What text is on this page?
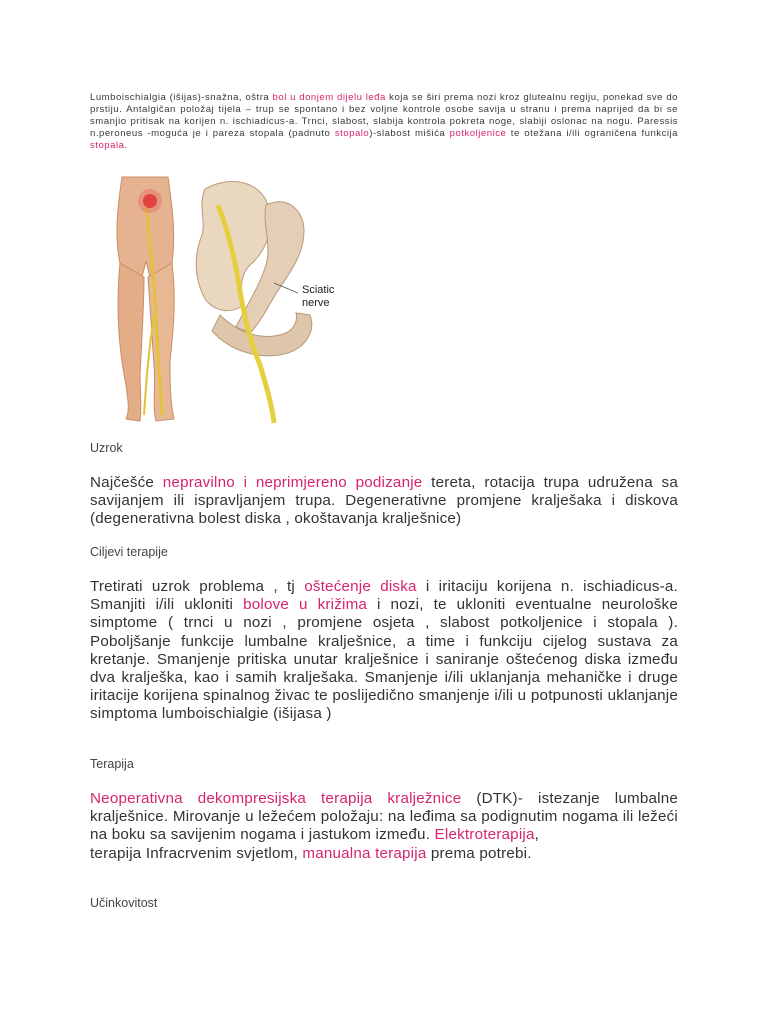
Lumboischialgia (išijas)-snažna, oštra bol u donjem dijelu leđa koja se širi prema nozi kroz glutealnu regiju, ponekad sve do prstiju. Antalgičan položaj tijela – trup se spontano i bez voljne kontrole osobe savija u stranu i prema naprijed da bi se smanjio pritisak na korijen n. ischiadicus-a. Trnci, slabost, slabija kontrola pokreta noge, slabiji oslonac na nogu. Paressis n.peroneus -moguća je i pareza stopala (padnuto stopalo)-slabost mišića potkoljenice te otežana i/ili ograničena funkcija stopala.

Sciatic
nerve
Uzrok

Najčešće nepravilno i neprimjereno podizanje tereta, rotacija trupa udružena sa savijanjem ili ispravljanjem trupa. Degenerativne promjene kralješaka i diskova (degenerativna bolest diska , okoštavanja kralješnice)

Ciljevi terapije

Tretirati uzrok problema , tj oštećenje diska i iritaciju korijena n. ischiadicus-a. Smanjiti i/ili ukloniti bolove u križima i nozi, te ukloniti eventualne neurološke simptome ( trnci u nozi , promjene osjeta , slabost potkoljenice i stopala ). Poboljšanje funkcije lumbalne kralješnice, a time i funkciju cijelog sustava za kretanje. Smanjenje pritiska unutar kralješnice i saniranje oštećenog diska između dva kralješka, kao i samih kralješaka. Smanjenje i/ili uklanjanja mehaničke i druge iritacije korijena spinalnog živac te poslijedično smanjenje i/ili u potpunosti uklanjanje simptoma lumboischialgie (išijasa )

Terapija

Neoperativna dekompresijska terapija kralježnice (DTK)- istezanje lumbalne kralješnice. Mirovanje u ležećem položaju: na leđima sa podignutim nogama ili ležeći na boku sa savijenim nogama i jastukom između. Elektroterapija,
terapija Infracrvenim svjetlom, manualna terapija prema potrebi.

Učinkovitost
